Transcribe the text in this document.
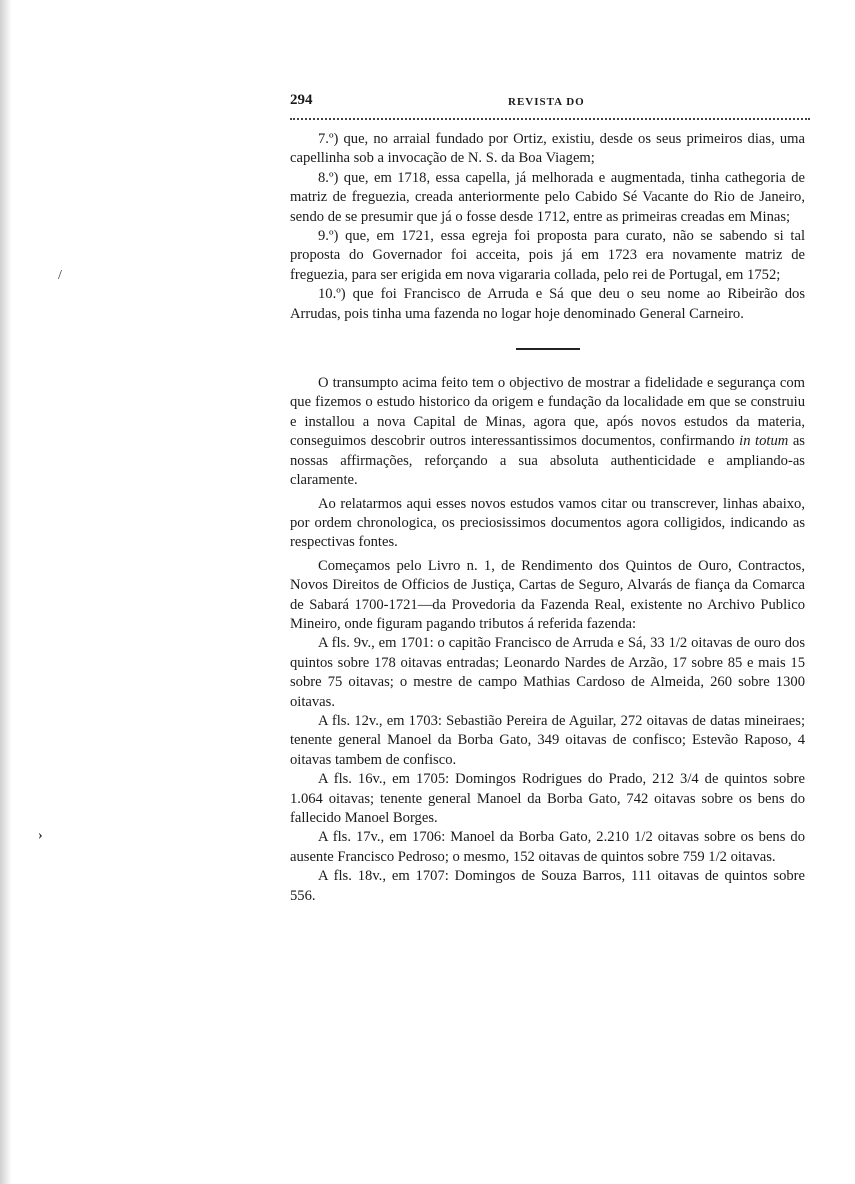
/
›
294	REVISTA DO

7.º) que, no arraial fundado por Ortiz, existiu, desde os seus primeiros dias, uma capellinha sob a invocação de N. S. da Boa Viagem;

8.º) que, em 1718, essa capella, já melhorada e augmentada, tinha cathegoria de matriz de freguezia, creada anteriormente pelo Cabido Sé Vacante do Rio de Janeiro, sendo de se presumir que já o fosse desde 1712, entre as primeiras creadas em Minas;

9.º) que, em 1721, essa egreja foi proposta para curato, não se sabendo si tal proposta do Governador foi acceita, pois já em 1723 era novamente matriz de freguezia, para ser erigida em nova vigararia collada, pelo rei de Portugal, em 1752;

10.º) que foi Francisco de Arruda e Sá que deu o seu nome ao Ribeirão dos Arrudas, pois tinha uma fazenda no logar hoje denominado General Carneiro.

O transumpto acima feito tem o objectivo de mostrar a fidelidade e segurança com que fizemos o estudo historico da origem e fundação da localidade em que se construiu e installou a nova Capital de Minas, agora que, após novos estudos da materia, conseguimos descobrir outros interessantissimos documentos, confirmando in totum as nossas affirmações, reforçando a sua absoluta authenticidade e ampliando-as claramente.

Ao relatarmos aqui esses novos estudos vamos citar ou transcrever, linhas abaixo, por ordem chronologica, os preciosissimos documentos agora colligidos, indicando as respectivas fontes.

Começamos pelo Livro n. 1, de Rendimento dos Quintos de Ouro, Contractos, Novos Direitos de Officios de Justiça, Cartas de Seguro, Alvarás de fiança da Comarca de Sabará 1700-1721—da Provedoria da Fazenda Real, existente no Archivo Publico Mineiro, onde figuram pagando tributos á referida fazenda:

A fls. 9v., em 1701: o capitão Francisco de Arruda e Sá, 33 1/2 oitavas de ouro dos quintos sobre 178 oitavas entradas; Leonardo Nardes de Arzão, 17 sobre 85 e mais 15 sobre 75 oitavas; o mestre de campo Mathias Cardoso de Almeida, 260 sobre 1300 oitavas.

A fls. 12v., em 1703: Sebastião Pereira de Aguilar, 272 oitavas de datas mineiraes; tenente general Manoel da Borba Gato, 349 oitavas de confisco; Estevão Raposo, 4 oitavas tambem de confisco.

A fls. 16v., em 1705: Domingos Rodrigues do Prado, 212 3/4 de quintos sobre 1.064 oitavas; tenente general Manoel da Borba Gato, 742 oitavas sobre os bens do fallecido Manoel Borges.

A fls. 17v., em 1706: Manoel da Borba Gato, 2.210 1/2 oitavas sobre os bens do ausente Francisco Pedroso; o mesmo, 152 oitavas de quintos sobre 759 1/2 oitavas.

A fls. 18v., em 1707: Domingos de Souza Barros, 111 oitavas de quintos sobre 556.
